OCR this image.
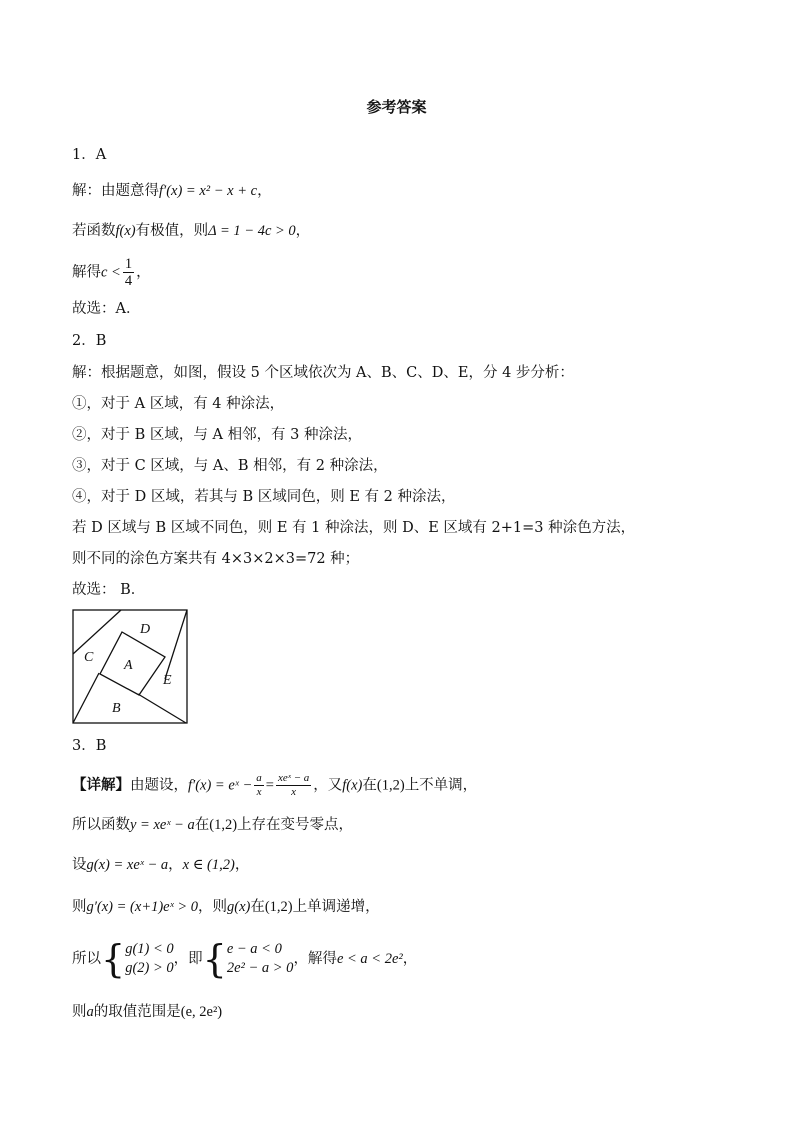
参考答案
1．A
解：由题意得f′(x) = x² − x + c，
若函数f(x)有极值，则Δ = 1 − 4c > 0，
解得$c < \frac{1}{4}$ ，
故选：A．
2．B
解：根据题意，如图，假设 5 个区域依次为 A、B、C、D、E，分 4 步分析：
①，对于 A 区域，有 4 种涂法，
②，对于 B 区域，与 A 相邻，有 3 种涂法，
③，对于 C 区域，与 A、B 相邻，有 2 种涂法，
④，对于 D 区域，若其与 B 区域同色，则 E 有 2 种涂法，
若 D 区域与 B 区域不同色，则 E 有 1 种涂法，则 D、E 区域有 2+1=3 种涂色方法，
则不同的涂色方案共有 4×3×2×3=72 种；
故选： B．
D
C
A
E
B
3．B
【详解】由题设，f′(x) = eˣ − $\frac{a}{x} = \frac{\text{xeˣ − a}}{x}$ ，又f(x)在(1,2)上不单调，
所以函数y = xeˣ − a在(1,2)上存在变号零点，
设g(x) = xeˣ − a，x ∈ (1,2)，
则g′(x) = (x+1)eˣ > 0，则g(x)在(1,2)上单调递增，
所以{ g(1) < 0
g(2) > 0
，即{ e − a < 0
2e² − a > 0
，解得e < a < 2e²，
则a的取值范围是(e, 2e²)
